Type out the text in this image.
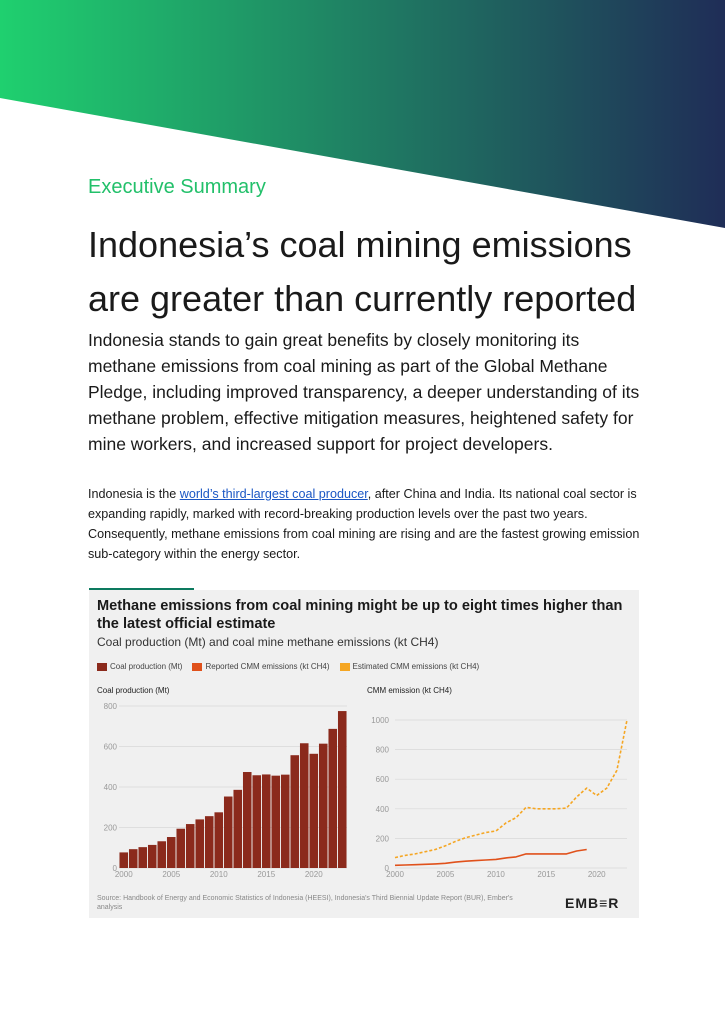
Executive Summary
Indonesia’s coal mining emissions are greater than currently reported

Indonesia stands to gain great benefits by closely monitoring its methane emissions from coal mining as part of the Global Methane Pledge, including improved transparency, a deeper understanding of its methane problem, effective mitigation measures, heightened safety for mine workers, and increased support for project developers.

Indonesia is the world’s third-largest coal producer, after China and India. Its national coal sector is expanding rapidly, marked with record-breaking production levels over the past two years. Consequently, methane emissions from coal mining are rising and are the fastest growing emission sub-category within the energy sector.

Methane emissions from coal mining might be up to eight times higher than the latest official estimate

Coal production (Mt) and coal mine methane emissions (kt CH4)
Coal production (Mt)	Reported CMM emissions (kt CH4)	Estimated CMM emissions (kt CH4)
Coal production (Mt)	CMM emission (kt CH4)
0
200
400
600
800
2000	2005	2010	2015	2020
0
200
400
600
800
1000
2000	2005	2010	2015	2020
Source: Handbook of Energy and Economic Statistics of Indonesia (HEESI), Indonesia's Third Biennial Update Report (BUR), Ember's analysis	EMB≡R
